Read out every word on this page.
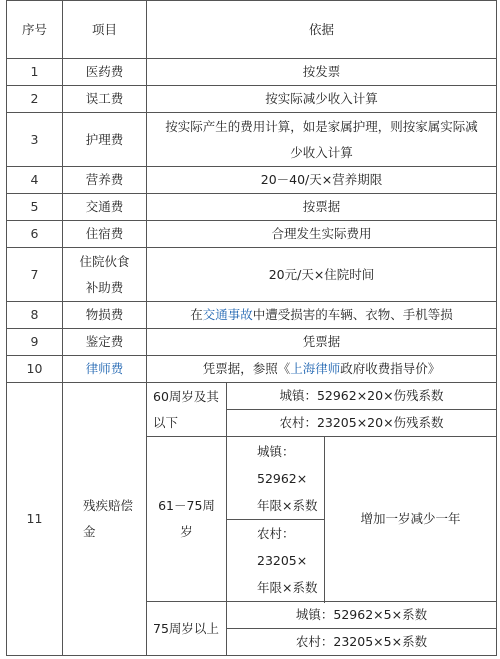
序号	项目	依据		
1	医药费	按发票		
2	误工费	按实际减少收入计算		
3	护理费	按实际产生的费用计算，如是家属护理，则按家属实际减少收入计算		
4	营养费	20－40/天×营养期限		
5	交通费	按票据		
6	住宿费	合理发生实际费用		
7	住院伙食补助费	20元/天×住院时间		
8	物损费	在交通事故中遭受损害的车辆、衣物、手机等损		
9	鉴定费	凭票据		
10	律师费	凭票据，参照《上海律师政府收费指导价》		
11	残疾赔偿金	60周岁及其以下	城镇：52962×20×伤残系数	
			农村：23205×20×伤残系数	
		61－75周岁	城镇：52962×年限×系数	增加一岁减少一年
			农村：23205×年限×系数	

		75周岁以上	城镇：52962×5×系数	
			农村：23205×5×系数	
